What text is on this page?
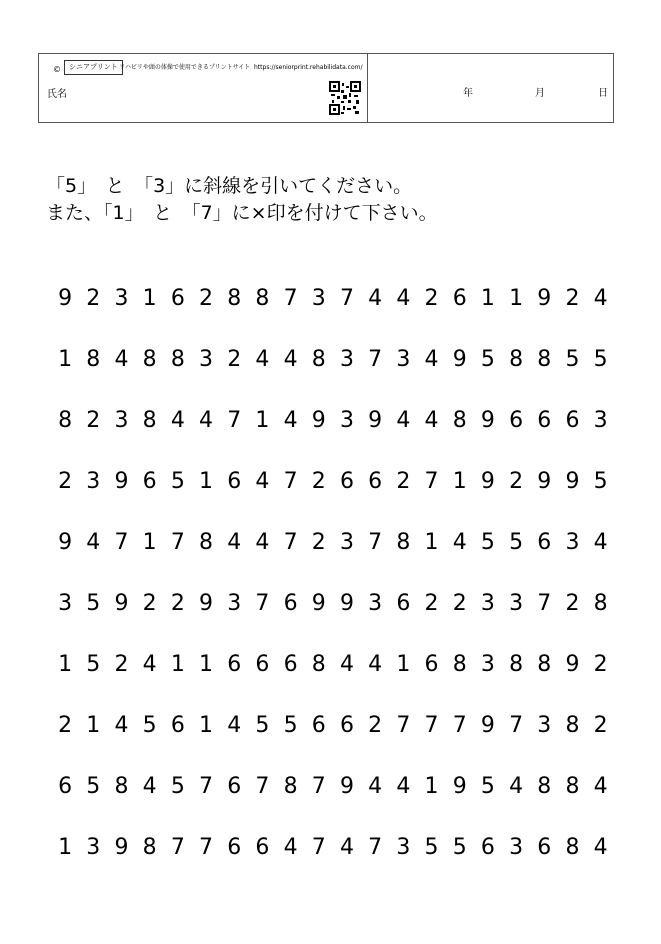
©	シニアプリント リハビリや頭の体操で使用できるプリントサイト https://seniorprint.rehabilidata.com/
氏名	年	月	日
「5」　と　「3」に斜線を引いてください。
また、「1」　と　「7」に×印を付けて下さい。
9 2 3 1 6 2 8 8 7 3 7 4 4 2 6 1 1 9 2 4
1 8 4 8 8 3 2 4 4 8 3 7 3 4 9 5 8 8 5 5
8 2 3 8 4 4 7 1 4 9 3 9 4 4 8 9 6 6 6 3
2 3 9 6 5 1 6 4 7 2 6 6 2 7 1 9 2 9 9 5
9 4 7 1 7 8 4 4 7 2 3 7 8 1 4 5 5 6 3 4
3 5 9 2 2 9 3 7 6 9 9 3 6 2 2 3 3 7 2 8
1 5 2 4 1 1 6 6 6 8 4 4 1 6 8 3 8 8 9 2
2 1 4 5 6 1 4 5 5 6 6 2 7 7 7 9 7 3 8 2
6 5 8 4 5 7 6 7 8 7 9 4 4 1 9 5 4 8 8 4
1 3 9 8 7 7 6 6 4 7 4 7 3 5 5 6 3 6 8 4
